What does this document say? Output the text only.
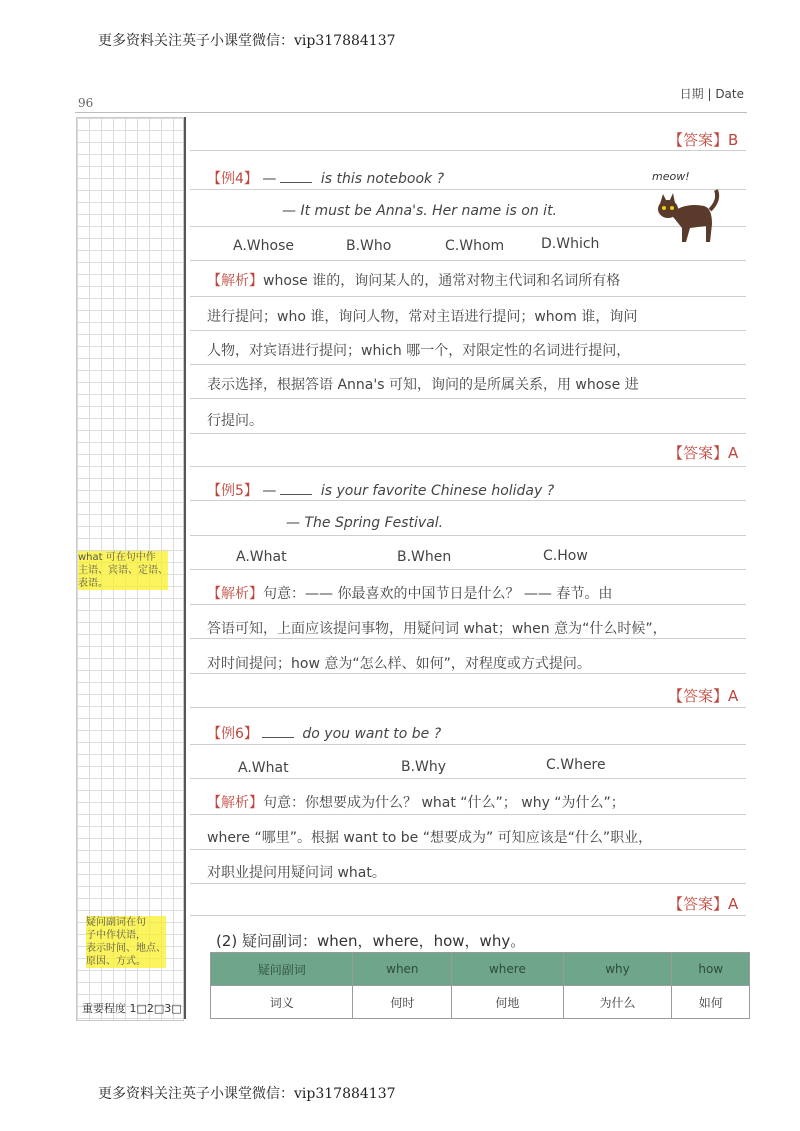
更多资料关注英子小课堂微信：vip317884137
96
日期 | Date
what 可在句中作
主语、宾语、定语、
表语。
疑问副词在句
子中作状语，
表示时间、地点、
原因、方式。
重要程度 1□2□3□
【答案】B
【例4】 —	is this notebook ?
— It must be Anna's. Her name is on it.
A.Whose	B.Who	C.Whom	D.Which
meow!
【解析】whose 谁的，询问某人的，通常对物主代词和名词所有格
进行提问；who 谁，询问人物，常对主语进行提问；whom 谁，询问
人物，对宾语进行提问；which 哪一个，对限定性的名词进行提问，
表示选择，根据答语 Anna's 可知，询问的是所属关系，用 whose 进
行提问。
【答案】A
【例5】 —	is your favorite Chinese holiday ?
— The Spring Festival.
A.What	B.When	C.How
【解析】句意：—— 你最喜欢的中国节日是什么？ —— 春节。由
答语可知，上面应该提问事物，用疑问词 what；when 意为“什么时候”，
对时间提问；how 意为“怎么样、如何”，对程度或方式提问。
【答案】A
【例6】	do you want to be ?
A.What	B.Why	C.Where
【解析】句意：你想要成为什么？ what “什么”； why “为什么”；
where “哪里”。根据 want to be “想要成为” 可知应该是“什么”职业，
对职业提问用疑问词 what。
【答案】A
(2) 疑问副词：when，where，how，why。
疑问副词	when	where	why	how
词义	何时	何地	为什么	如何
更多资料关注英子小课堂微信：vip317884137
